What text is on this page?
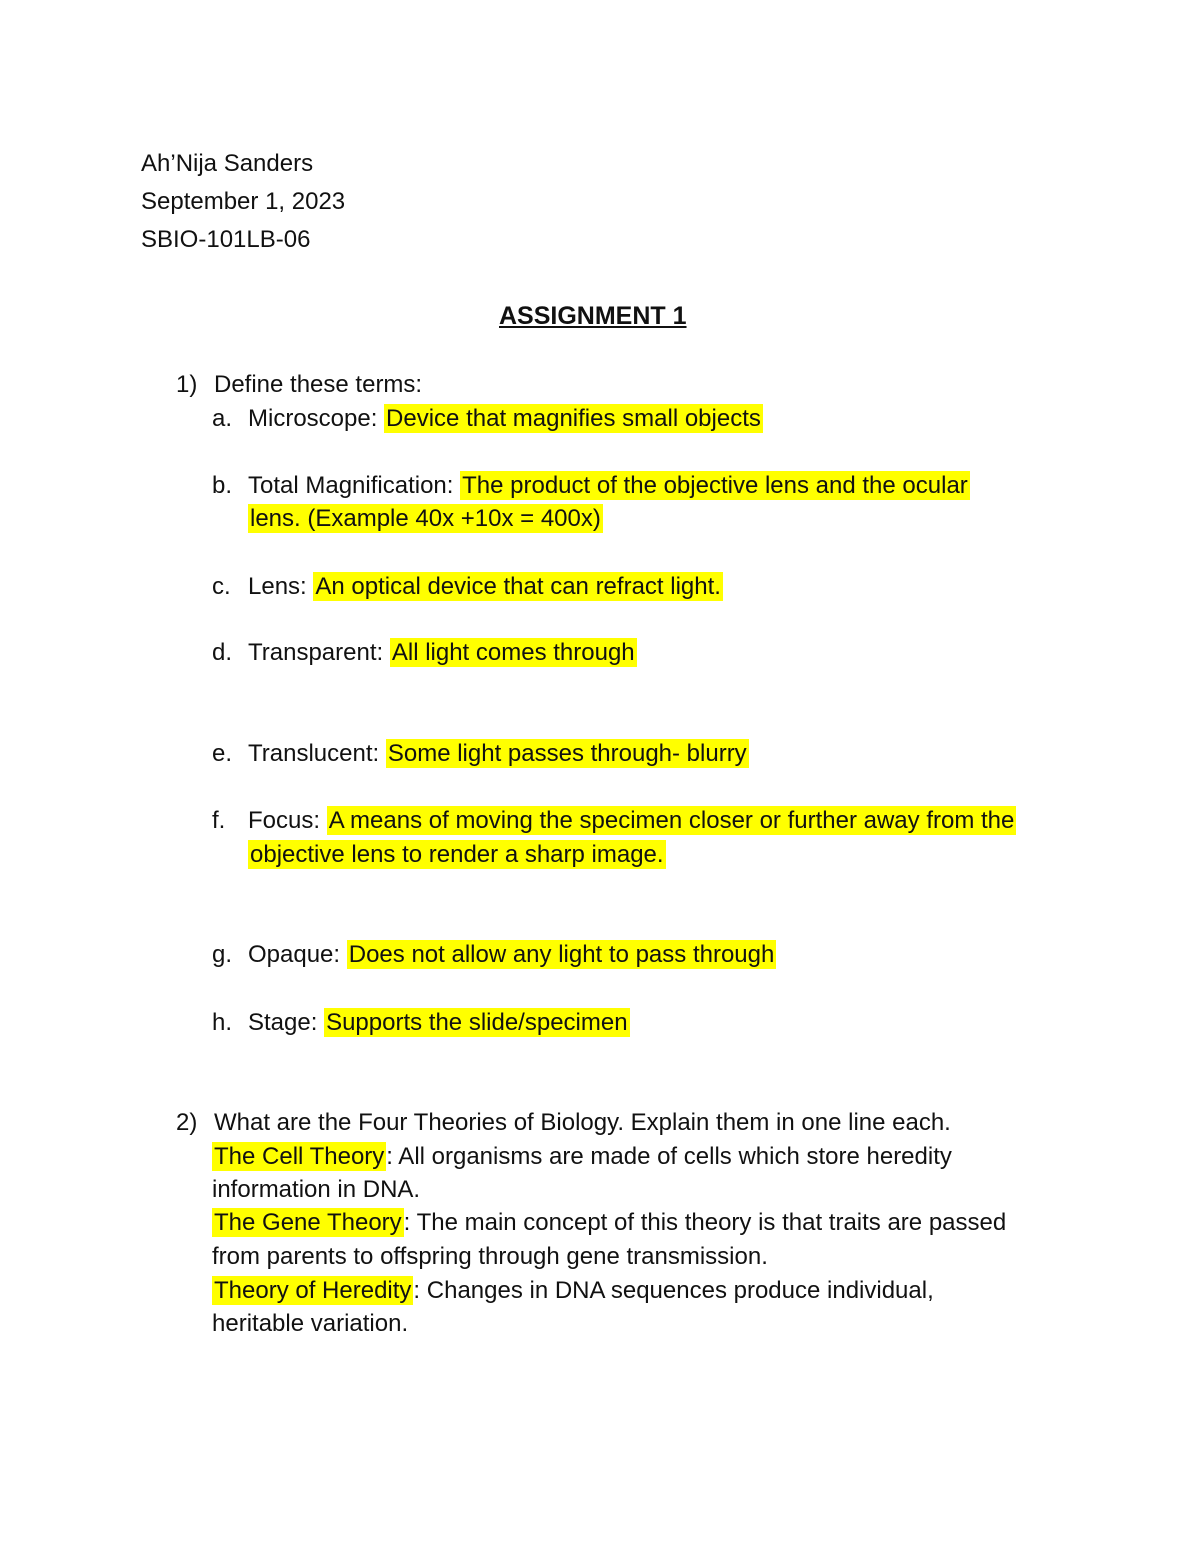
Ah’Nija Sanders
September 1, 2023
SBIO-101LB-06
ASSIGNMENT 1
1) Define these terms:
a. Microscope: Device that magnifies small objects
b. Total Magnification: The product of the objective lens and the ocular
lens. (Example 40x +10x = 400x)
c. Lens: An optical device that can refract light.
d. Transparent: All light comes through
e. Translucent: Some light passes through- blurry
f. Focus: A means of moving the specimen closer or further away from the
objective lens to render a sharp image.
g. Opaque: Does not allow any light to pass through
h. Stage: Supports the slide/specimen
2) What are the Four Theories of Biology. Explain them in one line each.
The Cell Theory: All organisms are made of cells which store heredity
information in DNA.
The Gene Theory: The main concept of this theory is that traits are passed
from parents to offspring through gene transmission.
Theory of Heredity: Changes in DNA sequences produce individual,
heritable variation.
